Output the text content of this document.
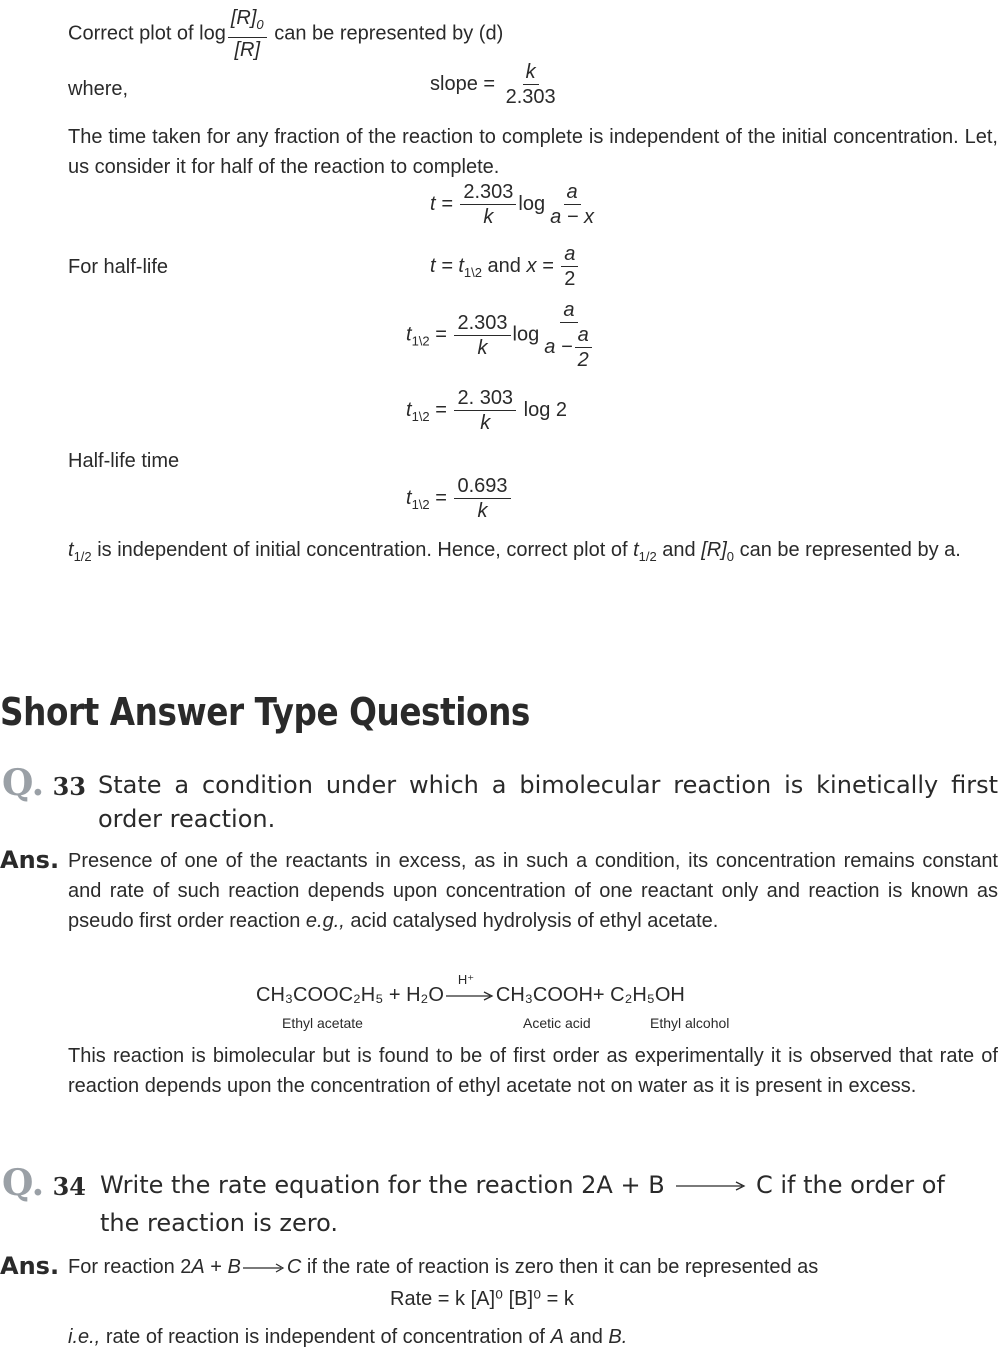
Correct plot of $\log \frac{[R]_0}{[R]}$ can be represented by (d)
where,	slope = $\frac{k}{2.303}$
The time taken for any fraction of the reaction to complete is independent of the initial concentration. Let, us consider it for half of the reaction to complete.
$t = \frac{2.303}{k}$ $\log \frac{a}{a - x}$
For half-life	$t = t_{1\backslash 2}$ and $x = \frac{a}{2}$
$t_{1\backslash 2} = \frac{2.303}{k}$ $\log \frac{a}{a - \frac{a}{2}}$
$t_{1\backslash 2} = \frac{2. 303}{k}$ log 2
Half-life time
$t_{1\backslash 2} = \frac{0.693}{k}$
$t_{1/2}$ is independent of initial concentration. Hence, correct plot of $t_{1/2}$ and $[R]_0$ can be represented by a.
Short Answer Type Questions
Q. 33 State a condition under which a bimolecular reaction is kinetically first order reaction.
Ans. Presence of one of the reactants in excess, as in such a condition, its concentration remains constant and rate of such reaction depends upon concentration of one reactant only and reaction is known as pseudo first order reaction e.g., acid catalysed hydrolysis of ethyl acetate.
CH₃COOC₂H₅ + H₂O
H⁺
CH₃COOH+ C₂H₅OH
Ethyl acetate	Acetic acid	Ethyl alcohol
This reaction is bimolecular but is found to be of first order as experimentally it is observed that rate of reaction depends upon the concentration of ethyl acetate not on water as it is present in excess.
Q. 34 Write the rate equation for the reaction 2A + B	C if the order of
the reaction is zero.
Ans. For reaction 2A + B C if the rate of reaction is zero then it can be represented as
Rate = k [A]⁰ [B]⁰ = k
i.e., rate of reaction is independent of concentration of A and B.
